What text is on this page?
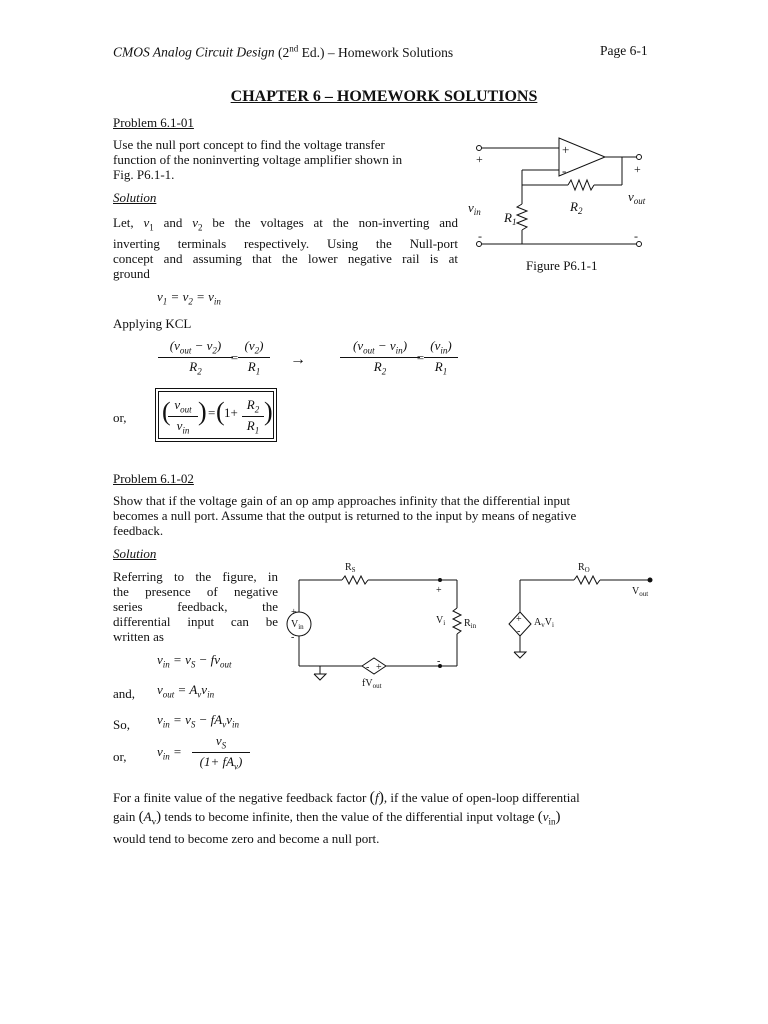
CMOS Analog Circuit Design (2nd Ed.) – Homework Solutions	Page 6-1
CHAPTER 6 – HOMEWORK SOLUTIONS
Problem 6.1-01
Use the null port concept to find the voltage transfer
function of the noninverting voltage amplifier shown in
Fig. P6.1-1.
Solution
Let, $v_1$ and $v_2$ be the voltages at the non-inverting and
inverting terminals respectively. Using the Null-port
concept and assuming that the lower negative rail is at
ground
$v_1 = v_2 = v_{in}$
Applying KCL
$(v_{out} - v_2)$
$R_2$
=
$(v_2)$
$R_1$
→
$(v_{out} - v_{in})$
$R_2$
=
$(v_{in})$
$R_1$
or, ( $v_{out}$
$v_{in}$
) = ( 1+
$R_2$
$R_1$
)
+
-
+
+
-	-
$v_{in}$
$v_{out}$
$R_1$
$R_2$
Figure P6.1-1
Problem 6.1-02
Show that if the voltage gain of an op amp approaches infinity that the differential input
becomes a null port. Assume that the output is returned to the input by means of negative
feedback.
Solution
Referring to the figure, in
the presence of negative
series feedback, the
differential input can be
written as
$v_{in} = v_S - fv_{out}$
and, $v_{out} = A_vv_{in}$
So, $v_{in} = v_S - fA_vv_{in}$
or, $v_{in}$ =
$v_S$
$(1+ fA_v)$
+
-
+
-
- +
+
-
$R_S$	$R_O$
$V_{in}$
$V_i$ $R_{in}$
$fV_{out}$
$A_vV_i$
$V_{out}$
For a finite value of the negative feedback factor (f), if the value of open-loop differential
gain $(A_v)$ tends to become infinite, then the value of the differential input voltage $(v_{in})$
would tend to become zero and become a null port.
